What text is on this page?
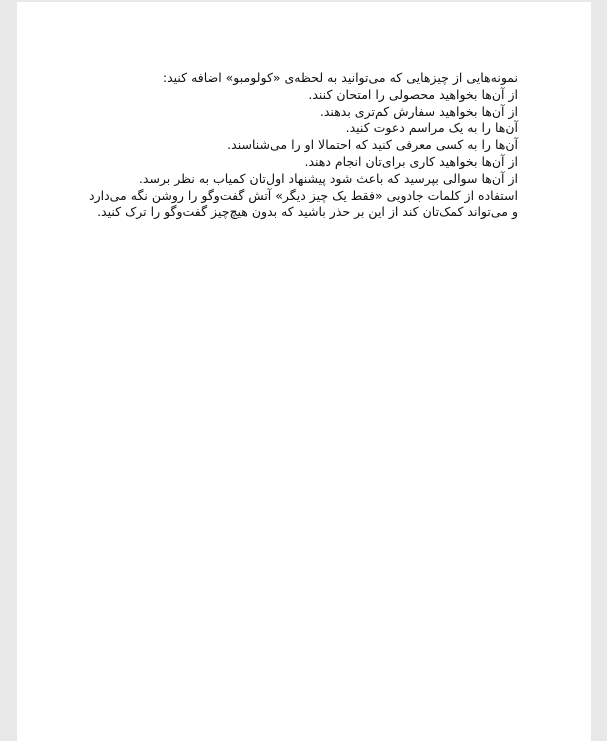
نمونه‌هایی از چیزهایی که می‌توانید به لحظه‌ی «کولومبو» اضافه کنید:
از آن‌ها بخواهید محصولی را امتحان کنند.
از آن‌ها بخواهید سفارش کم‌تری بدهند.
آن‌ها را به یک مراسم دعوت کنید.
آن‌ها را به کسی معرفی کنید که احتمالا او را می‌شناسند.
از آن‌ها بخواهید کاری برای‌تان انجام دهند.
از آن‌ها سوالی بپرسید که باعث شود پیشنهاد اول‌تان کمیاب به نظر برسد.
استفاده از کلمات جادویی «فقط یک چیز دیگر» آتش گفت‌وگو را روشن نگه می‌دارد و می‌تواند کمک‌تان کند از این بر حذر باشید که بدون هیچ‌چیز گفت‌وگو را ترک کنید.
